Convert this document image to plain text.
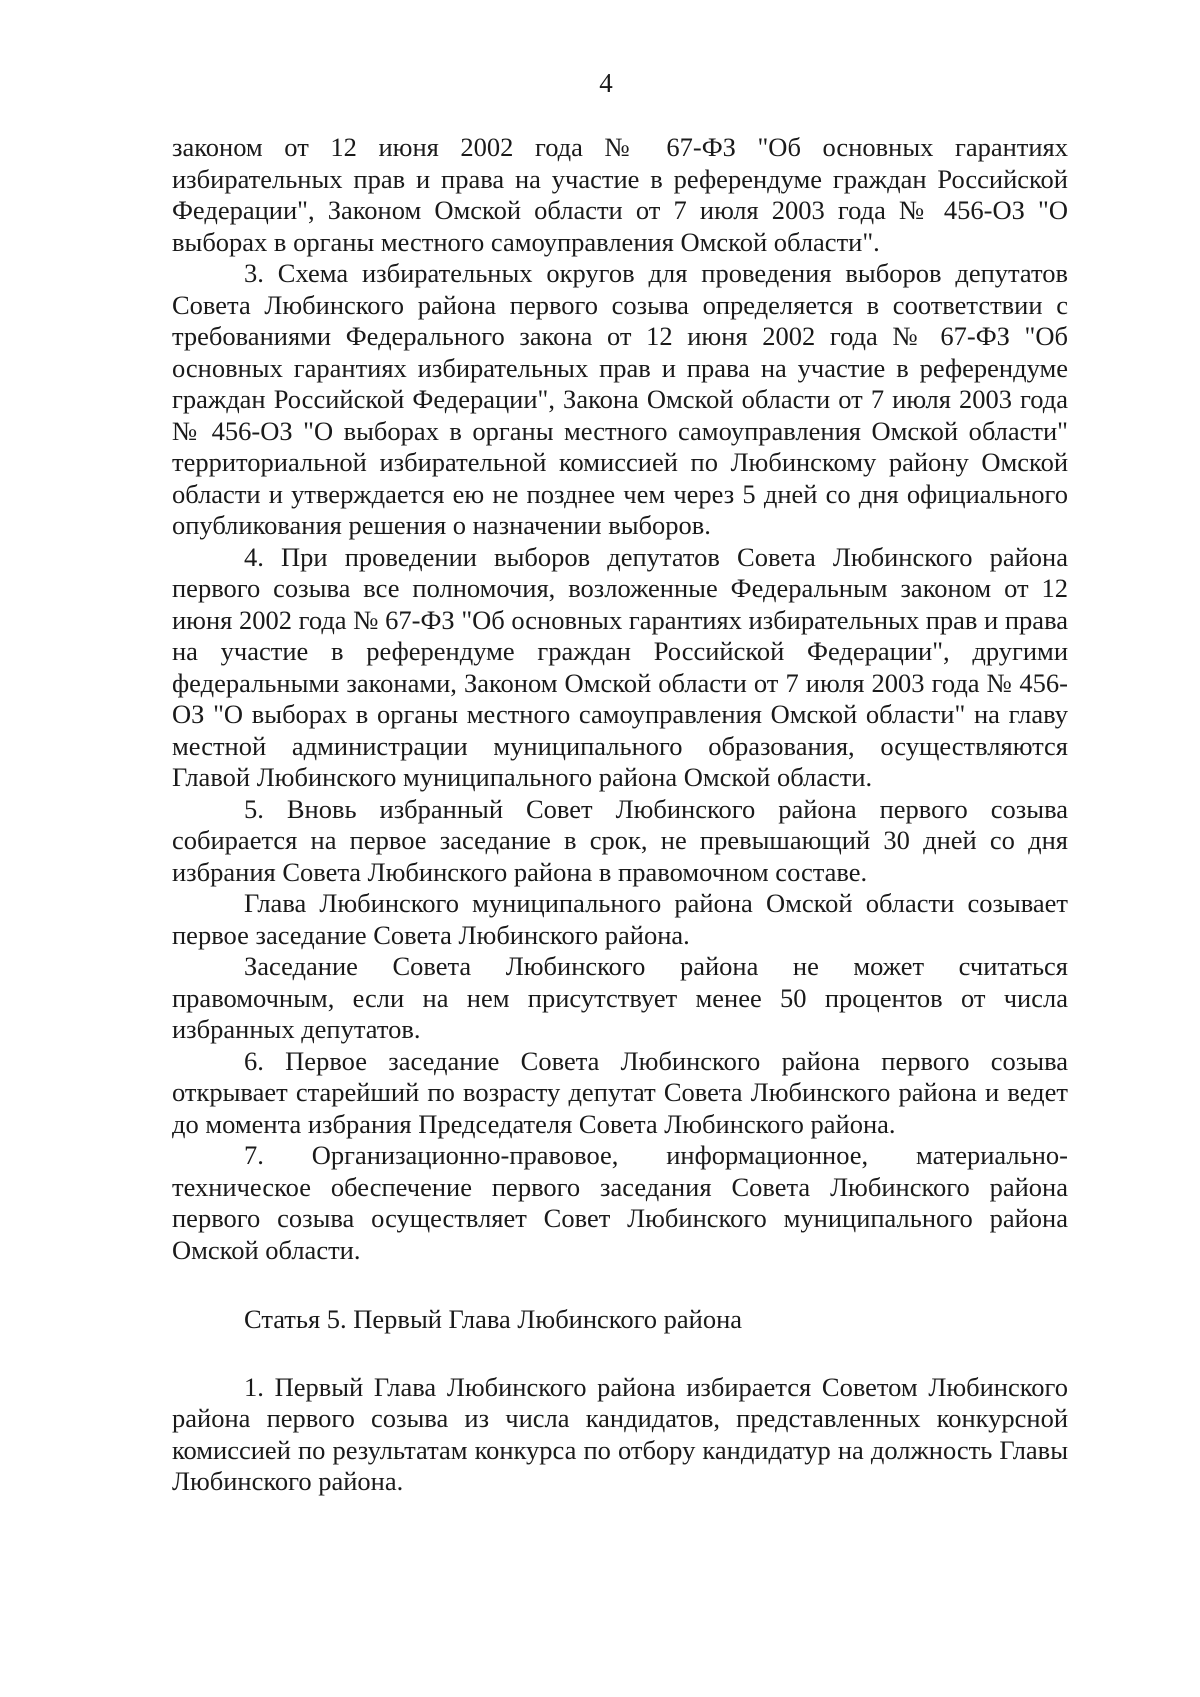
4

законом от 12 июня 2002 года № 67-ФЗ "Об основных гарантиях избирательных прав и права на участие в референдуме граждан Российской Федерации", Законом Омской области от 7 июля 2003 года № 456-ОЗ "О выборах в органы местного самоуправления Омской области".

3. Схема избирательных округов для проведения выборов депутатов Совета Любинского района первого созыва определяется в соответствии с требованиями Федерального закона от 12 июня 2002 года № 67-ФЗ "Об основных гарантиях избирательных прав и права на участие в референдуме граждан Российской Федерации", Закона Омской области от 7 июля 2003 года № 456-ОЗ "О выборах в органы местного самоуправления Омской области" территориальной избирательной комиссией по Любинскому району Омской области и утверждается ею не позднее чем через 5 дней со дня официального опубликования решения о назначении выборов.

4. При проведении выборов депутатов Совета Любинского района первого созыва все полномочия, возложенные Федеральным законом от 12 июня 2002 года № 67-ФЗ "Об основных гарантиях избирательных прав и права на участие в референдуме граждан Российской Федерации", другими федеральными законами, Законом Омской области от 7 июля 2003 года № 456-ОЗ "О выборах в органы местного самоуправления Омской области" на главу местной администрации муниципального образования, осуществляются Главой Любинского муниципального района Омской области.

5. Вновь избранный Совет Любинского района первого созыва собирается на первое заседание в срок, не превышающий 30 дней со дня избрания Совета Любинского района в правомочном составе.

Глава Любинского муниципального района Омской области созывает первое заседание Совета Любинского района.

Заседание Совета Любинского района не может считаться правомочным, если на нем присутствует менее 50 процентов от числа избранных депутатов.

6. Первое заседание Совета Любинского района первого созыва открывает старейший по возрасту депутат Совета Любинского района и ведет до момента избрания Председателя Совета Любинского района.

7. Организационно-правовое, информационное, материально-техническое обеспечение первого заседания Совета Любинского района первого созыва осуществляет Совет Любинского муниципального района Омской области.

Статья 5. Первый Глава Любинского района

1. Первый Глава Любинского района избирается Советом Любинского района первого созыва из числа кандидатов, представленных конкурсной комиссией по результатам конкурса по отбору кандидатур на должность Главы Любинского района.
